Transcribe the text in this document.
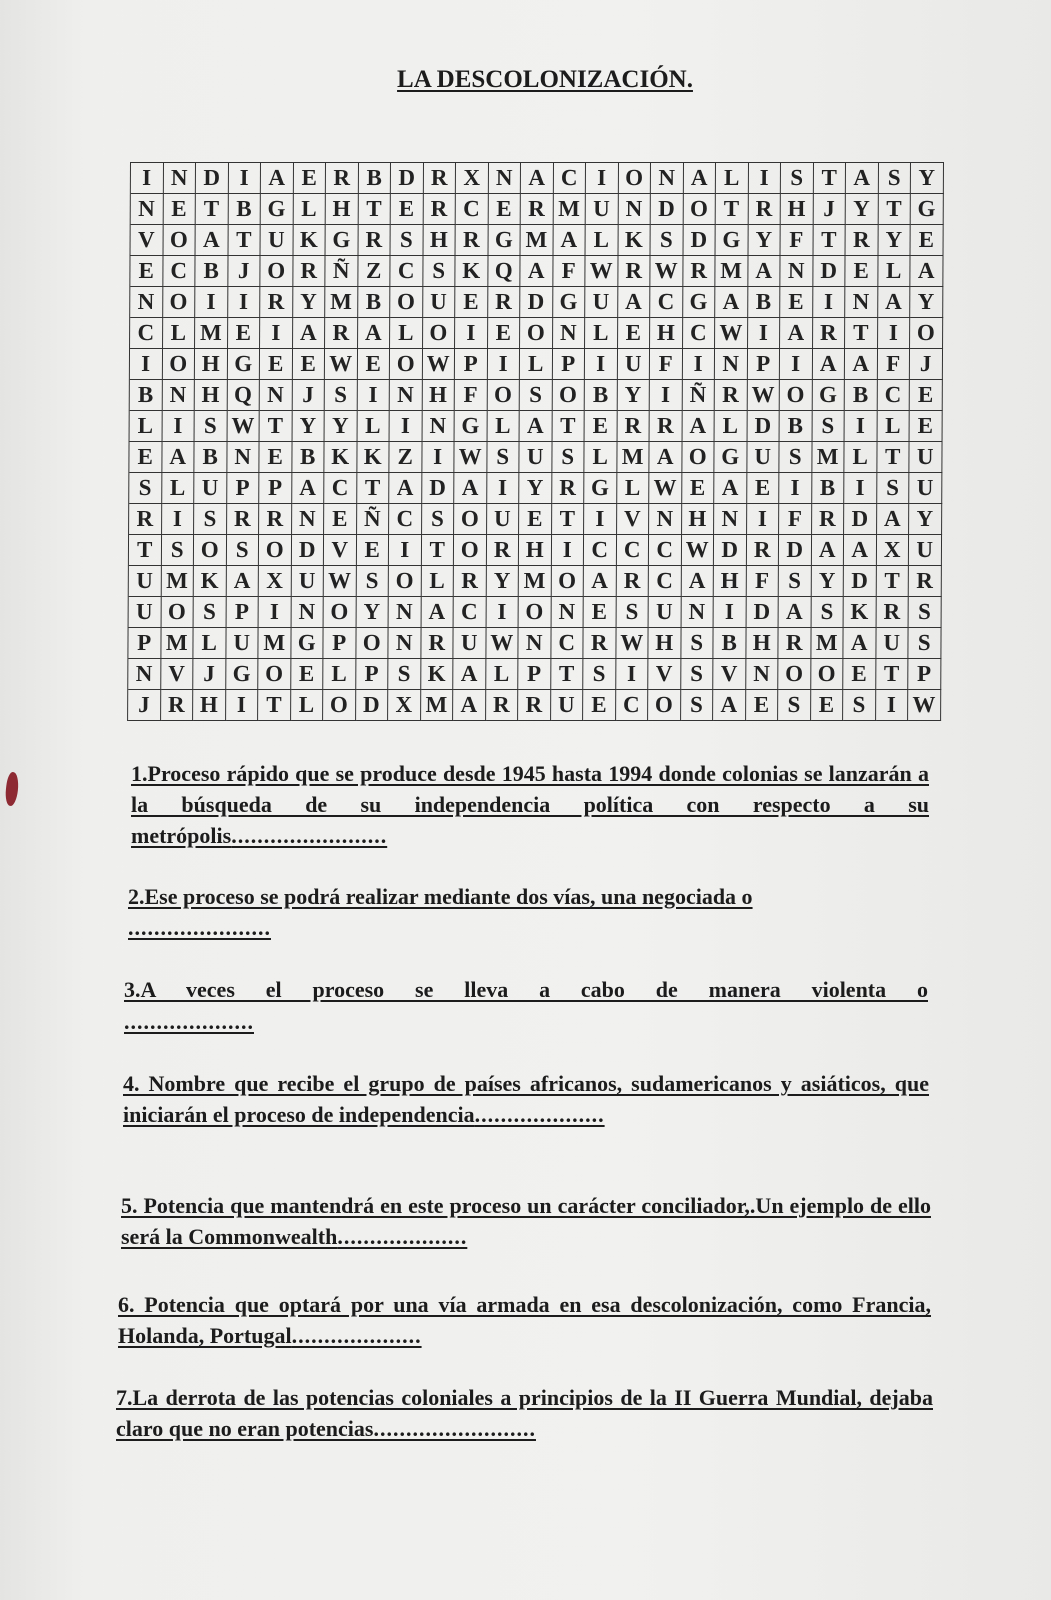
LA DESCOLONIZACIÓN.
I N D I A E R B D R X N A C I O N A L I S T A S Y
N E T B G L H T E R C E R M U N D O T R H J Y T G
V O A T U K G R S H R G M A L K S D G Y F T R Y E
E C B J O R Ñ Z C S K Q A F W R W R M A N D E L A
N O I	I R Y M B O U E R D G U A C G A B E I N A Y
C L M E I A R A L O I E O N L E H C W I A R T I O
I O H G E E W E O W P I L P I U F I N P I A A F J
B N H Q N J S I N H F O S O B Y I Ñ R W O G B C E
L I S W T Y Y L I N G L A T E R R A L D B S I L E
E A B N E B K K Z I W S U S L M A O G U S M L T U
S L U P P A C T A D A I Y R G L W E A E I B I S U
R I S R R N E Ñ C S O U E T I V N H N I F R D A Y
T S O S O D V E I T O R H I C C C W D R D A A X U
U M K A X U W S O L R Y M O A R C A H F S Y D T R
U O S P I N O Y N A C I O N E S U N I D A S K R S
P M L U M G P O N R U W N C R W H S B H R M A U S
N V J G O E L P S K A L P T S I V S V N O O E T P
J R H I T L O D X M A R R U E C O S A E S E S I W
1.Proceso rápido que se produce desde 1945 hasta 1994 donde colonias se lanzarán a la búsqueda de su independencia política con respecto a su metrópolis........................
2.Ese proceso se podrá realizar mediante dos vías, una negociada o
......................
3.A veces el proceso se lleva a cabo de manera violenta o
....................
4. Nombre que recibe el grupo de países africanos, sudamericanos y asiáticos, que iniciarán el proceso de independencia....................
5. Potencia que mantendrá en este proceso un carácter conciliador,.Un ejemplo de ello será la Commonwealth....................
6. Potencia que optará por una vía armada en esa descolonización, como Francia, Holanda, Portugal....................
7.La derrota de las potencias coloniales a principios de la II Guerra Mundial, dejaba claro que no eran potencias.........................
